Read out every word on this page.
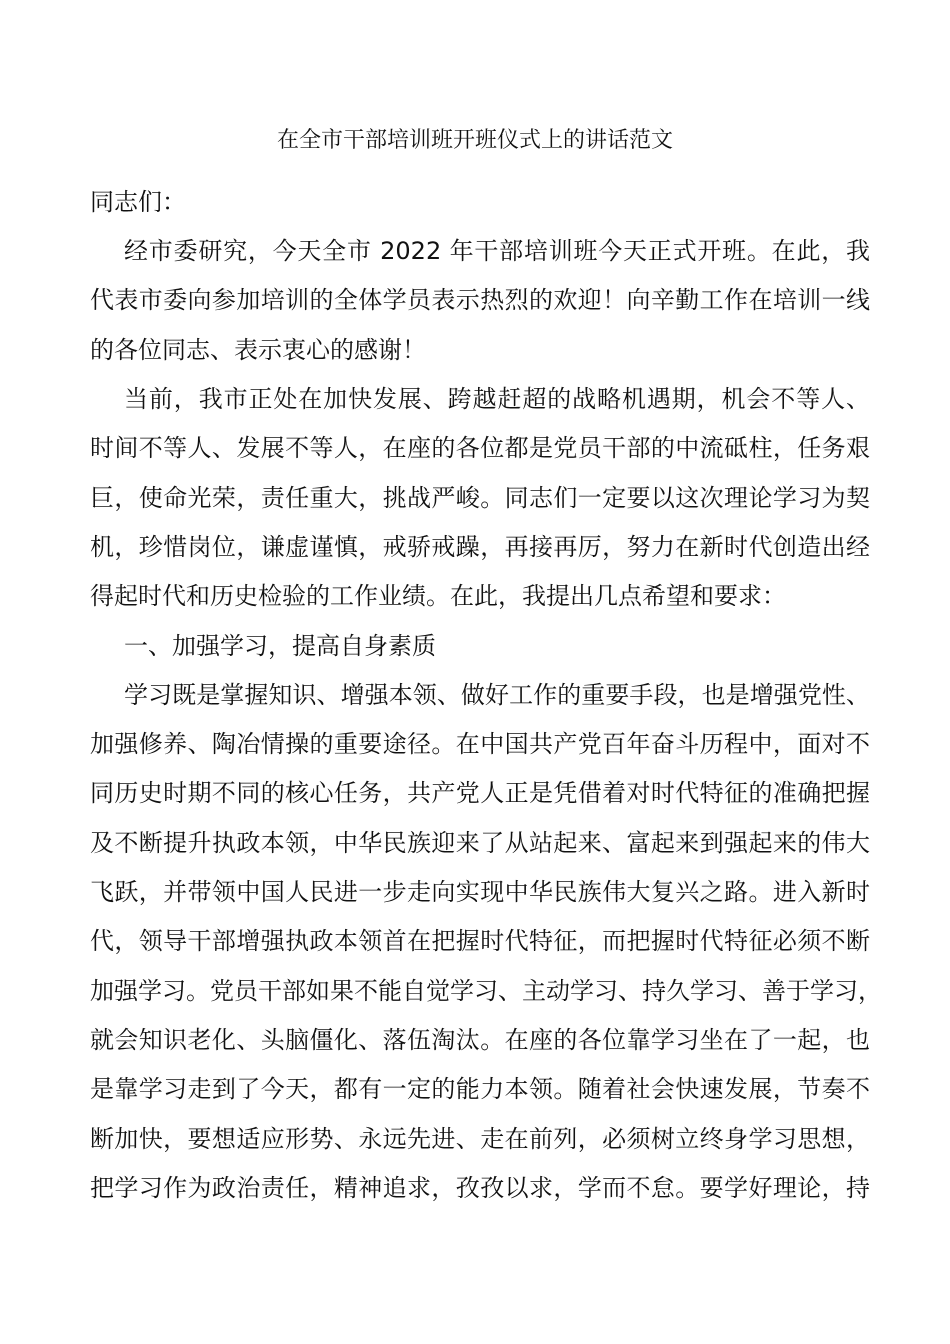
在全市干部培训班开班仪式上的讲话范文
同志们：
经市委研究，今天全市 2022 年干部培训班今天正式开班。在此，我
代表市委向参加培训的全体学员表示热烈的欢迎！向辛勤工作在培训一线
的各位同志、表示衷心的感谢！
当前，我市正处在加快发展、跨越赶超的战略机遇期，机会不等人、
时间不等人、发展不等人，在座的各位都是党员干部的中流砥柱，任务艰
巨，使命光荣，责任重大，挑战严峻。同志们一定要以这次理论学习为契
机，珍惜岗位，谦虚谨慎，戒骄戒躁，再接再厉，努力在新时代创造出经
得起时代和历史检验的工作业绩。在此，我提出几点希望和要求：
一、加强学习，提高自身素质
学习既是掌握知识、增强本领、做好工作的重要手段，也是增强党性、
加强修养、陶冶情操的重要途径。在中国共产党百年奋斗历程中，面对不
同历史时期不同的核心任务，共产党人正是凭借着对时代特征的准确把握
及不断提升执政本领，中华民族迎来了从站起来、富起来到强起来的伟大
飞跃，并带领中国人民进一步走向实现中华民族伟大复兴之路。进入新时
代，领导干部增强执政本领首在把握时代特征，而把握时代特征必须不断
加强学习。党员干部如果不能自觉学习、主动学习、持久学习、善于学习，
就会知识老化、头脑僵化、落伍淘汰。在座的各位靠学习坐在了一起，也
是靠学习走到了今天，都有一定的能力本领。随着社会快速发展，节奏不
断加快，要想适应形势、永远先进、走在前列，必须树立终身学习思想，
把学习作为政治责任，精神追求，孜孜以求，学而不怠。要学好理论，持
